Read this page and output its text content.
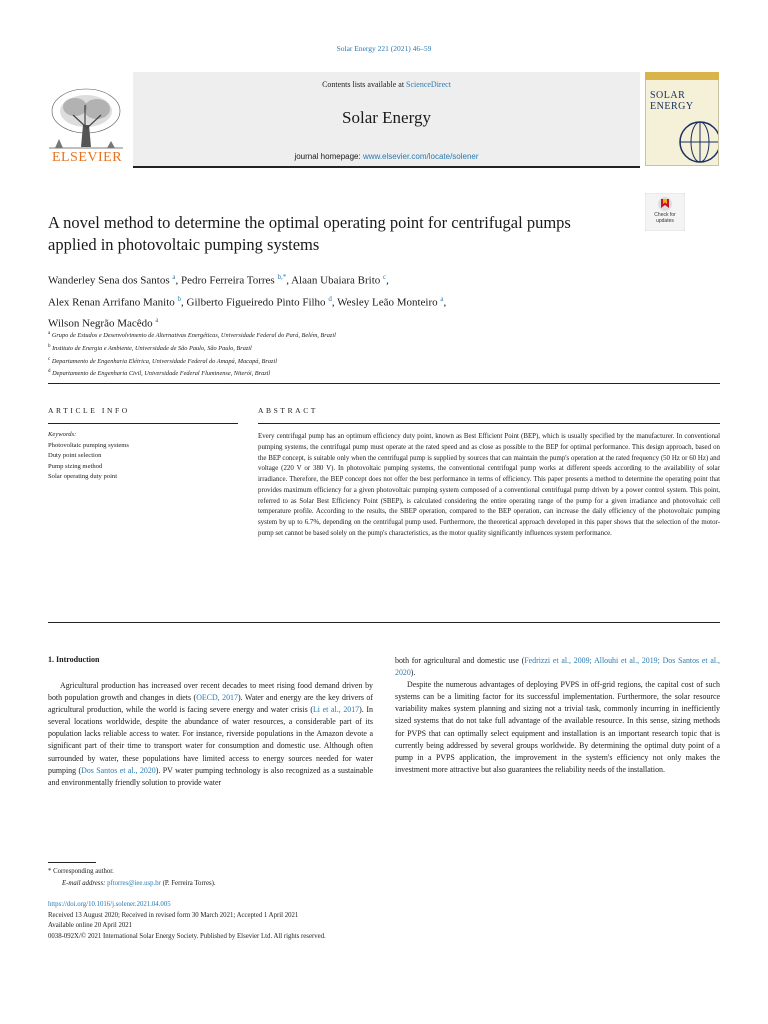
Solar Energy 221 (2021) 46–59
ELSEVIER
Contents lists available at ScienceDirect
Solar Energy
journal homepage: www.elsevier.com/locate/solener
SOLAR
ENERGY
Check for updates
A novel method to determine the optimal operating point for centrifugal pumps applied in photovoltaic pumping systems
Wanderley Sena dos Santos $^a$, Pedro Ferreira Torres $^{b,*}$, Alaan Ubaiara Brito $^c$,
Alex Renan Arrifano Manito $^b$, Gilberto Figueiredo Pinto Filho $^d$, Wesley Leão Monteiro $^a$,
Wilson Negrão Macêdo $^a$
$^a$ Grupo de Estudos e Desenvolvimento de Alternativas Energéticas, Universidade Federal do Pará, Belém, Brazil
$^b$ Instituto de Energia e Ambiente, Universidade de São Paulo, São Paulo, Brazil
$^c$ Departamento de Engenharia Elétrica, Universidade Federal do Amapá, Macapá, Brazil
$^d$ Departamento de Engenharia Civil, Universidade Federal Fluminense, Niterói, Brazil
ARTICLE INFO	ABSTRACT
Keywords:
Photovoltaic pumping systems
Duty point selection
Pump sizing method
Solar operating duty point

Every centrifugal pump has an optimum efficiency duty point, known as Best Efficient Point (BEP), which is usually specified by the manufacturer. In conventional pumping systems, the centrifugal pump must operate at the rated speed and as close as possible to the BEP for optimal performance. This design approach, based on the BEP concept, is suitable only when the centrifugal pump is supplied by sources that can maintain the pump's operation at the rated frequency (50 Hz or 60 Hz) and voltage (220 V or 380 V). In photovoltaic pumping systems, the conventional centrifugal pump works at different speeds according to the availability of solar irradiance. Therefore, the BEP concept does not offer the best performance in terms of efficiency. This paper presents a method to determine the operating point that provides maximum efficiency for a given photovoltaic pumping system composed of a conventional centrifugal pump driven by a power control system. This point, referred to as Solar Best Efficiency Point (SBEP), is calculated considering the entire operating range of the pump for a given irradiance and photovoltaic cell temperature profile. According to the results, the SBEP operation, compared to the BEP operation, can increase the daily efficiency of the photovoltaic pumping system by up to 6.7%, depending on the centrifugal pump used. Furthermore, the theoretical approach developed in this paper shows that the selection of the motor-pump set cannot be based solely on the pump's characteristics, as the motor quality significantly influences system performance.

1. Introduction

Agricultural production has increased over recent decades to meet rising food demand driven by both population growth and changes in diets (OECD, 2017). Water and energy are the key drivers of agricultural production, while the world is facing severe energy and water crisis (Li et al., 2017). In several locations worldwide, despite the abundance of water resources, a considerable part of its population lacks reliable access to water. For instance, riverside populations in the Amazon devote a significant part of their time to transport water for consumption and domestic use. Although often surrounded by water, these populations have limited access to energy sources needed for water pumping (Dos Santos et al., 2020). PV water pumping technology is also recognized as a sustainable and environmentally friendly solution to provide water

both for agricultural and domestic use (Fedrizzi et al., 2009; Allouhi et al., 2019; Dos Santos et al., 2020).

Despite the numerous advantages of deploying PVPS in off-grid regions, the capital cost of such systems can be a limiting factor for its successful implementation. Furthermore, the solar resource variability makes system planning and sizing not a trivial task, commonly incurring in inefficiently sized systems that do not take full advantage of the available resource. In this sense, sizing methods for PVPS that can optimally select equipment and installation is an important research topic that is currently being addressed by several groups worldwide. By determining the optimal duty point of a pump in a PVPS application, the improvement in the system's efficiency not only makes the investment more attractive but also guarantees the reliability needs of the installation.

* Corresponding author.
E-mail address: pftorres@iee.usp.br (P. Ferreira Torres).
https://doi.org/10.1016/j.solener.2021.04.005
Received 13 August 2020; Received in revised form 30 March 2021; Accepted 1 April 2021
Available online 20 April 2021
0038-092X/© 2021 International Solar Energy Society. Published by Elsevier Ltd. All rights reserved.
